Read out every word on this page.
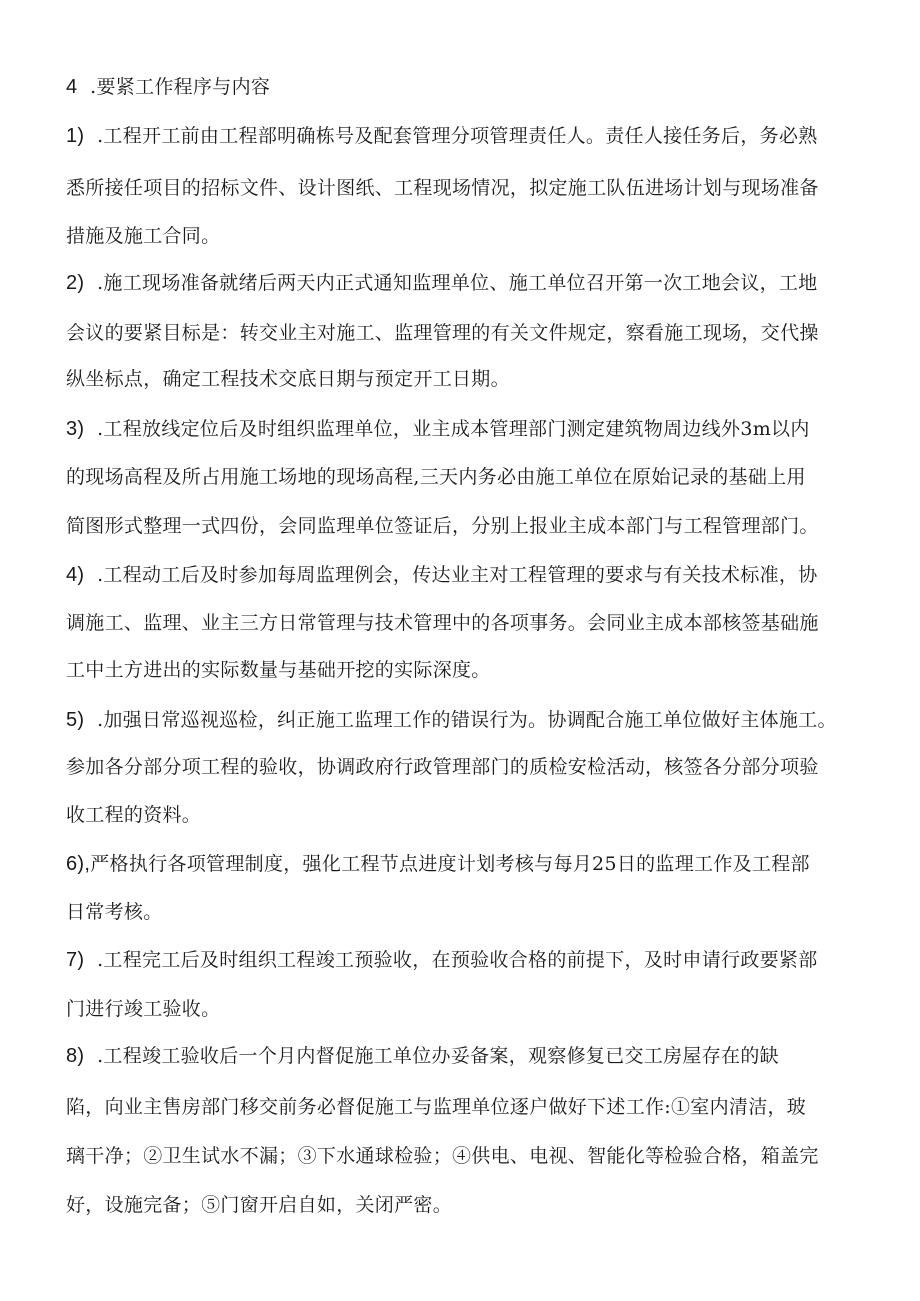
4 .要紧工作程序与内容
1) .工程开工前由工程部明确栋号及配套管理分项管理责任人。责任人接任务后，务必熟
悉所接任项目的招标文件、设计图纸、工程现场情况，拟定施工队伍进场计划与现场准备
措施及施工合同。
2) .施工现场准备就绪后两天内正式通知监理单位、施工单位召开第一次工地会议，工地
会议的要紧目标是：转交业主对施工、监理管理的有关文件规定，察看施工现场，交代操
纵坐标点，确定工程技术交底日期与预定开工日期。
3) .工程放线定位后及时组织监理单位，业主成本管理部门测定建筑物周边线外3m以内
的现场高程及所占用施工场地的现场高程,三天内务必由施工单位在原始记录的基础上用
简图形式整理一式四份，会同监理单位签证后，分别上报业主成本部门与工程管理部门。
4) .工程动工后及时参加每周监理例会，传达业主对工程管理的要求与有关技术标准，协
调施工、监理、业主三方日常管理与技术管理中的各项事务。会同业主成本部核签基础施
工中土方进出的实际数量与基础开挖的实际深度。
5) .加强日常巡视巡检，纠正施工监理工作的错误行为。协调配合施工单位做好主体施工。
参加各分部分项工程的验收，协调政府行政管理部门的质检安检活动，核签各分部分项验
收工程的资料。
6),严格执行各项管理制度，强化工程节点进度计划考核与每月25日的监理工作及工程部
日常考核。
7) .工程完工后及时组织工程竣工预验收，在预验收合格的前提下，及时申请行政要紧部
门进行竣工验收。
8) .工程竣工验收后一个月内督促施工单位办妥备案，观察修复已交工房屋存在的缺
陷，向业主售房部门移交前务必督促施工与监理单位逐户做好下述工作:①室内清洁，玻
璃干净；②卫生试水不漏；③下水通球检验；④供电、电视、智能化等检验合格，箱盖完
好，设施完备；⑤门窗开启自如，关闭严密。
